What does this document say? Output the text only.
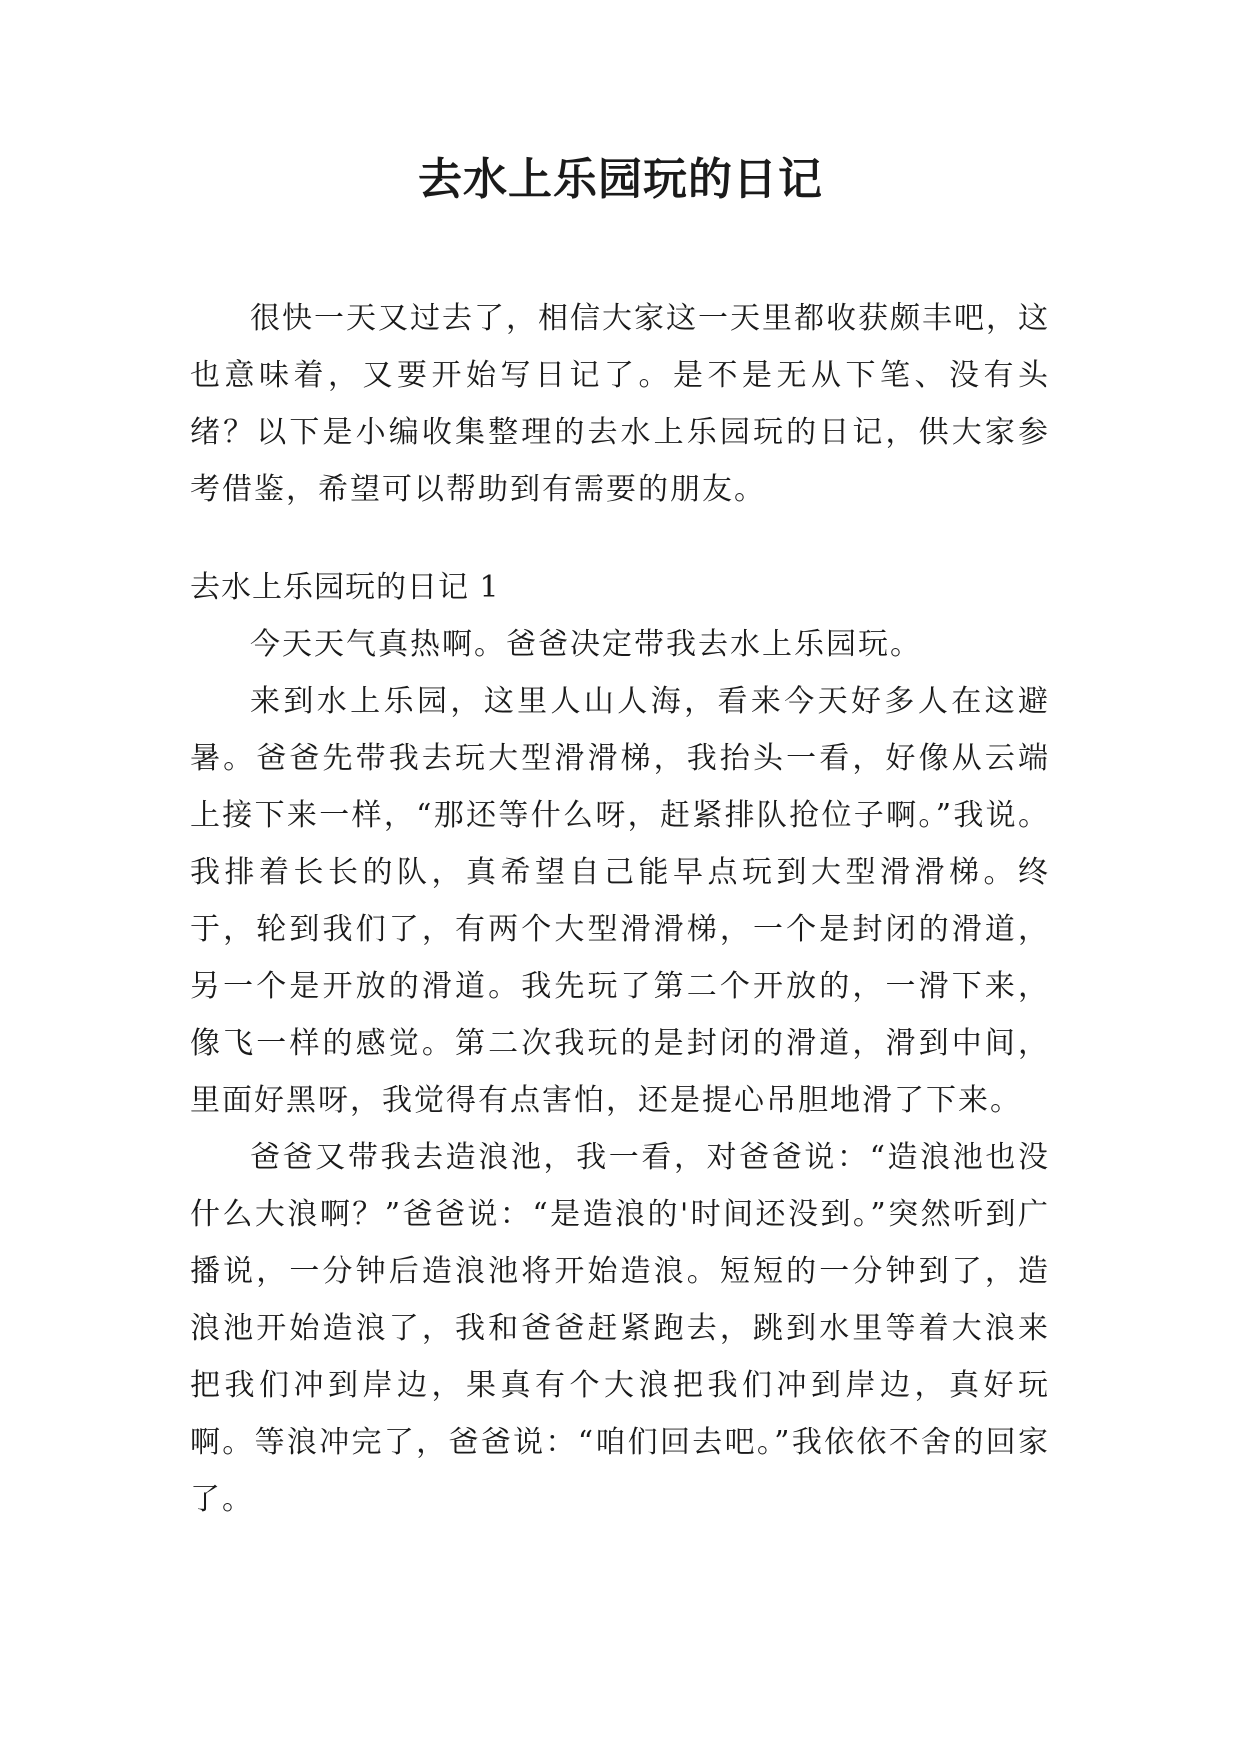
去水上乐园玩的日记

很快一天又过去了，相信大家这一天里都收获颇丰吧，这也意味着，又要开始写日记了。是不是无从下笔、没有头绪？以下是小编收集整理的去水上乐园玩的日记，供大家参考借鉴，希望可以帮助到有需要的朋友。

去水上乐园玩的日记 1

今天天气真热啊。爸爸决定带我去水上乐园玩。

来到水上乐园，这里人山人海，看来今天好多人在这避暑。爸爸先带我去玩大型滑滑梯，我抬头一看，好像从云端上接下来一样，“那还等什么呀，赶紧排队抢位子啊。”我说。我排着长长的队，真希望自己能早点玩到大型滑滑梯。终于，轮到我们了，有两个大型滑滑梯，一个是封闭的滑道，另一个是开放的滑道。我先玩了第二个开放的，一滑下来，像飞一样的感觉。第二次我玩的是封闭的滑道，滑到中间，里面好黑呀，我觉得有点害怕，还是提心吊胆地滑了下来。

爸爸又带我去造浪池，我一看，对爸爸说：“造浪池也没什么大浪啊？”爸爸说：“是造浪的'时间还没到。”突然听到广播说，一分钟后造浪池将开始造浪。短短的一分钟到了，造浪池开始造浪了，我和爸爸赶紧跑去，跳到水里等着大浪来把我们冲到岸边，果真有个大浪把我们冲到岸边，真好玩啊。等浪冲完了，爸爸说：“咱们回去吧。”我依依不舍的回家了。
